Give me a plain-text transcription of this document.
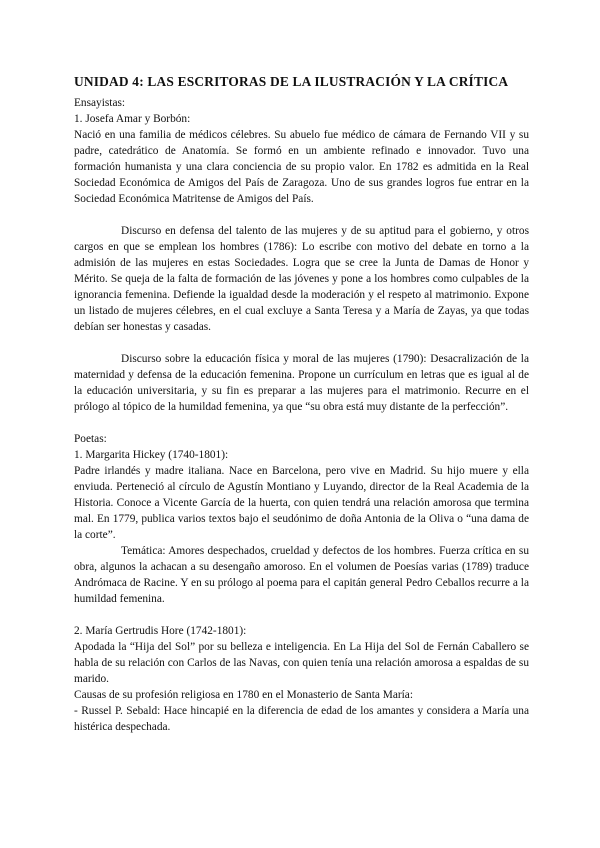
UNIDAD 4: LAS ESCRITORAS DE LA ILUSTRACIÓN Y LA CRÍTICA
Ensayistas:
1. Josefa Amar y Borbón:

Nació en una familia de médicos célebres. Su abuelo fue médico de cámara de Fernando VII y su padre, catedrático de Anatomía. Se formó en un ambiente refinado e innovador. Tuvo una formación humanista y una clara conciencia de su propio valor. En 1782 es admitida en la Real Sociedad Económica de Amigos del País de Zaragoza. Uno de sus grandes logros fue entrar en la Sociedad Económica Matritense de Amigos del País.

Discurso en defensa del talento de las mujeres y de su aptitud para el gobierno, y otros cargos en que se emplean los hombres (1786): Lo escribe con motivo del debate en torno a la admisión de las mujeres en estas Sociedades. Logra que se cree la Junta de Damas de Honor y Mérito. Se queja de la falta de formación de las jóvenes y pone a los hombres como culpables de la ignorancia femenina. Defiende la igualdad desde la moderación y el respeto al matrimonio. Expone un listado de mujeres célebres, en el cual excluye a Santa Teresa y a María de Zayas, ya que todas debían ser honestas y casadas.

Discurso sobre la educación física y moral de las mujeres (1790): Desacralización de la maternidad y defensa de la educación femenina. Propone un currículum en letras que es igual al de la educación universitaria, y su fin es preparar a las mujeres para el matrimonio. Recurre en el prólogo al tópico de la humildad femenina, ya que “su obra está muy distante de la perfección”.

Poetas:
1. Margarita Hickey (1740-1801):

Padre irlandés y madre italiana. Nace en Barcelona, pero vive en Madrid. Su hijo muere y ella enviuda. Perteneció al círculo de Agustín Montiano y Luyando, director de la Real Academia de la Historia. Conoce a Vicente García de la huerta, con quien tendrá una relación amorosa que termina mal. En 1779, publica varios textos bajo el seudónimo de doña Antonia de la Oliva o “una dama de la corte”.

Temática: Amores despechados, crueldad y defectos de los hombres. Fuerza crítica en su obra, algunos la achacan a su desengaño amoroso. En el volumen de Poesías varias (1789) traduce Andrómaca de Racine. Y en su prólogo al poema para el capitán general Pedro Ceballos recurre a la humildad femenina.

2. María Gertrudis Hore (1742-1801):

Apodada la “Hija del Sol” por su belleza e inteligencia. En La Hija del Sol de Fernán Caballero se habla de su relación con Carlos de las Navas, con quien tenía una relación amorosa a espaldas de su marido.

Causas de su profesión religiosa en 1780 en el Monasterio de Santa María:

- Russel P. Sebald: Hace hincapié en la diferencia de edad de los amantes y considera a María una histérica despechada.
